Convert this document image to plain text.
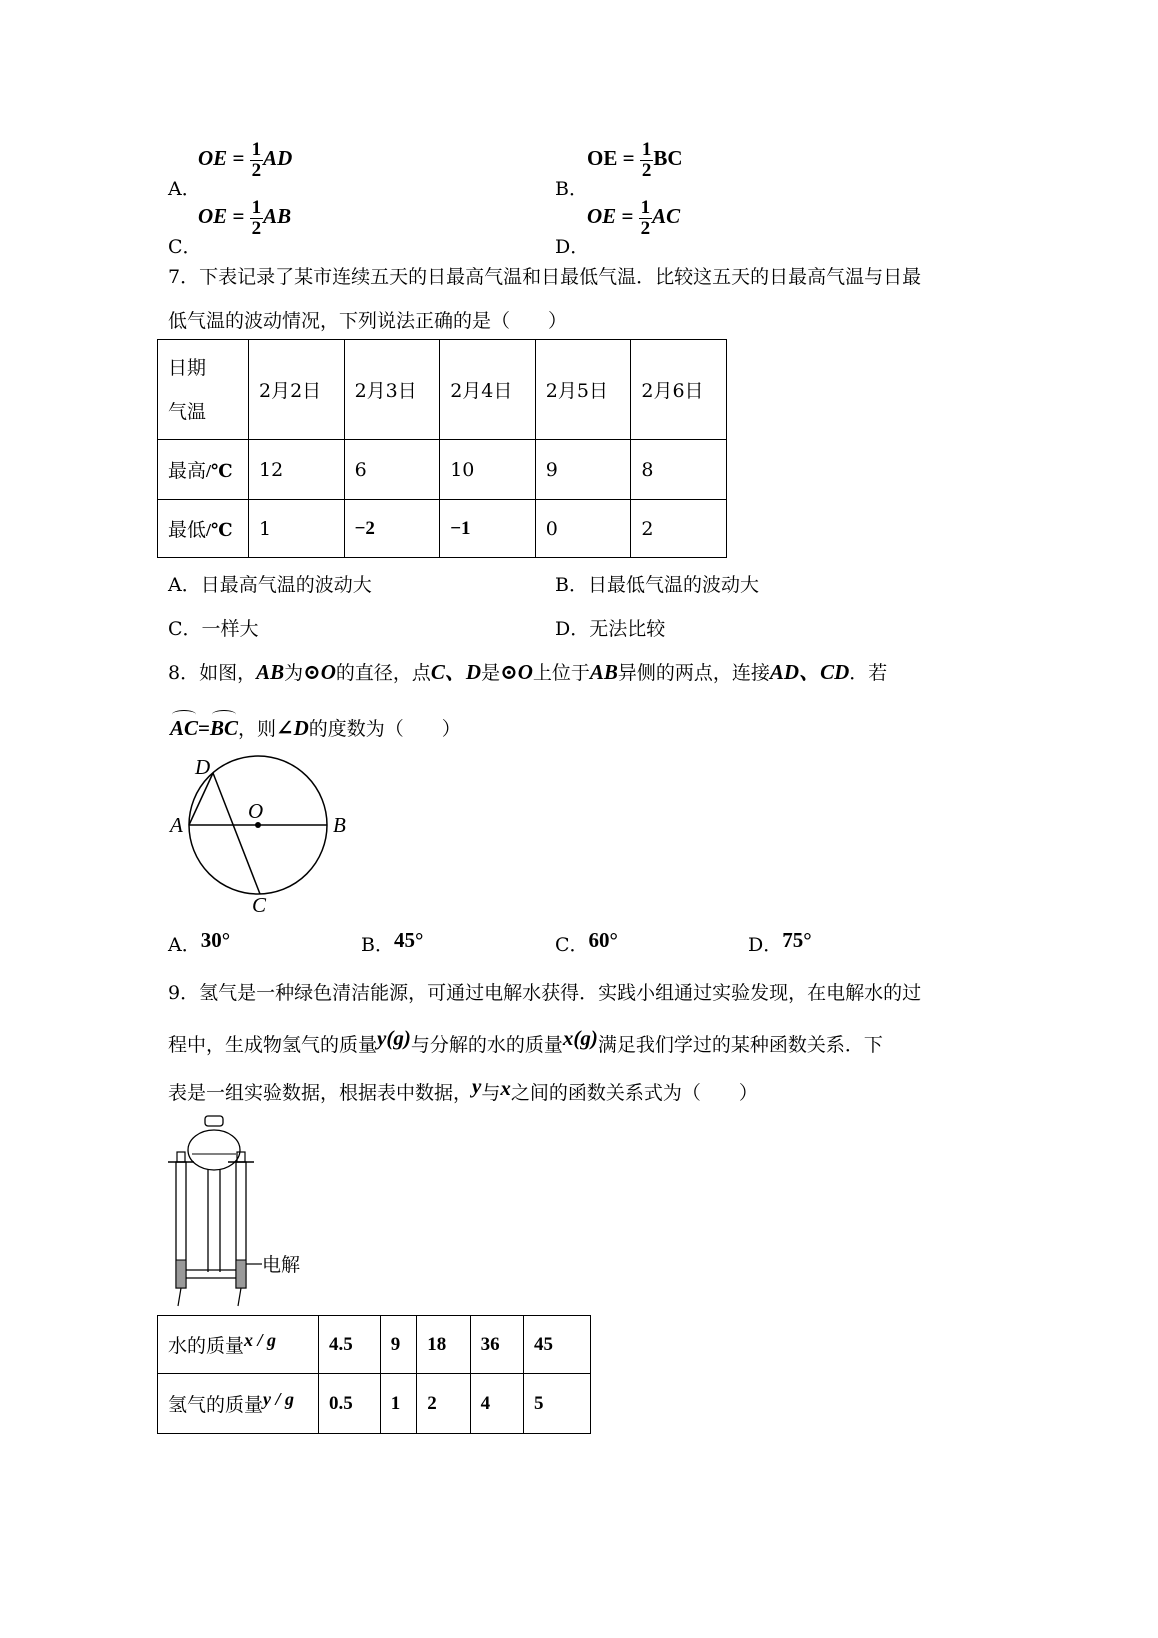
A．
OE = $\frac{1}{2}$ AD
B．
OE = $\frac{1}{2}$ BC
C．
OE = $\frac{1}{2}$ AB
D．
OE = $\frac{1}{2}$ AC
7．下表记录了某市连续五天的日最高气温和日最低气温．比较这五天的日最高气温与日最
低气温的波动情况，下列说法正确的是（　　）
日期
气温	2月2日	2月3日	2月4日	2月5日	2月6日
最高/℃	12	6	10	9	8
最低/℃	1	−2	−1	0	2
A．日最高气温的波动大	B．日最低气温的波动大
C．一样大	D．无法比较
8．如图，AB为⊙O的直径，点C、D是⊙O上位于AB异侧的两点，连接AD、CD．若
AC=BC，则∠D的度数为（　　）
D
O
A	B
C
A．30°	B．45°	C．60°	D．75°
9．氢气是一种绿色清洁能源，可通过电解水获得．实践小组通过实验发现，在电解水的过
程中，生成物氢气的质量y(g)与分解的水的质量x(g)满足我们学过的某种函数关系．下
表是一组实验数据，根据表中数据，y与x之间的函数关系式为（　　）
电解
水的质量x / g	4.5	9	18	36	45
氢气的质量y / g	0.5	1	2	4	5
